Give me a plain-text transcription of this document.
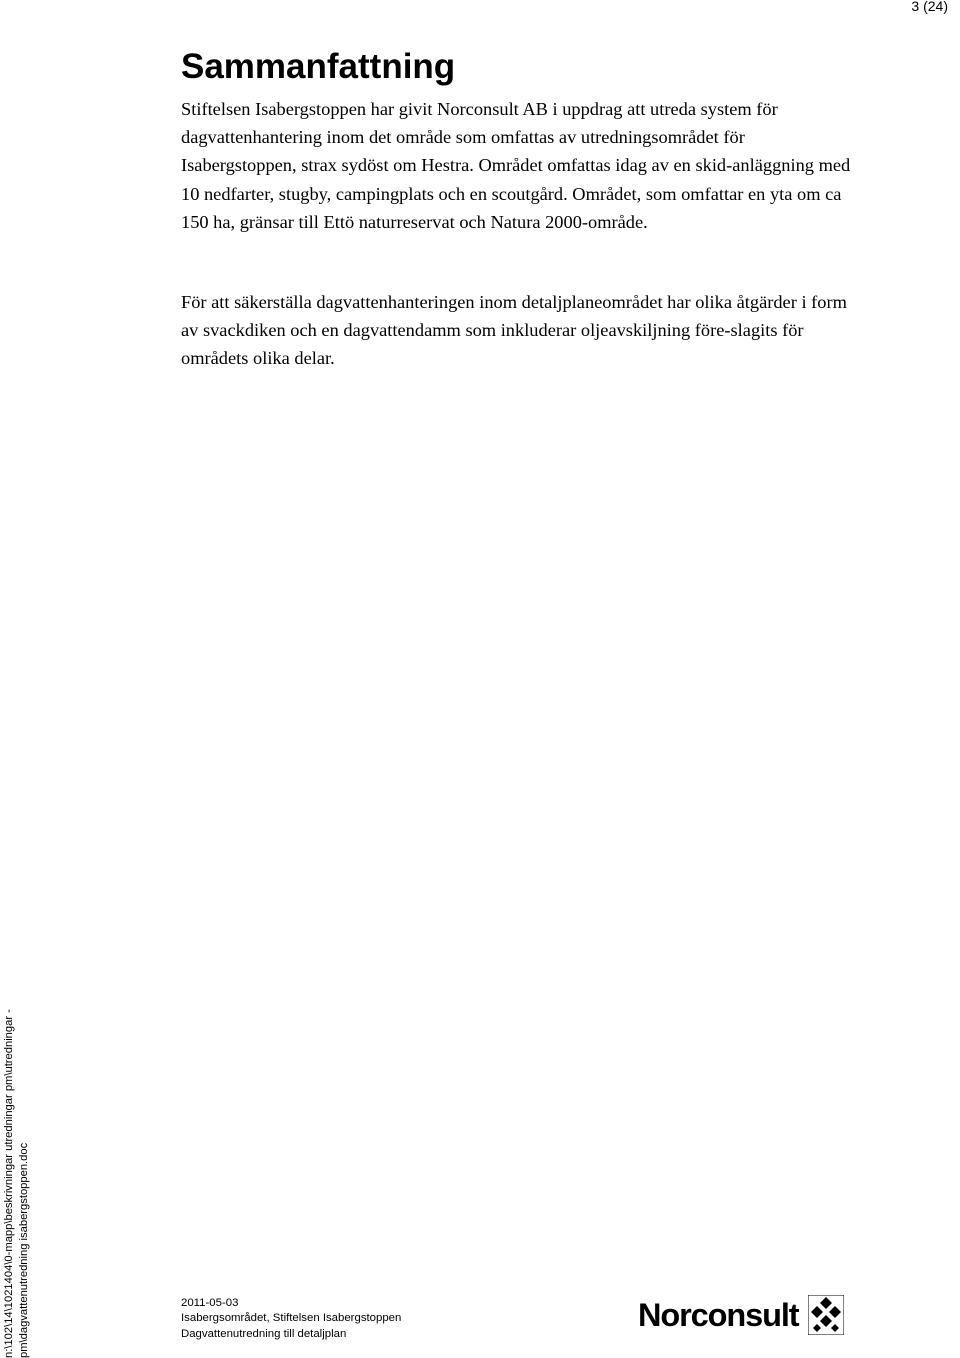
3 (24)
Sammanfattning

Stiftelsen Isabergstoppen har givit Norconsult AB i uppdrag att utreda system för dagvattenhantering inom det område som omfattas av utredningsområdet för Isabergstoppen, strax sydöst om Hestra. Området omfattas idag av en skid-anläggning med 10 nedfarter, stugby, campingplats och en scoutgård. Området, som omfattar en yta om ca 150 ha, gränsar till Ettö naturreservat och Natura 2000-område.

För att säkerställa dagvattenhanteringen inom detaljplaneområdet har olika åtgärder i form av svackdiken och en dagvattendamm som inkluderar oljeavskiljning före-slagits för områdets olika delar.

n:\102\14\1021404\0-mapp\beskrivningar utredningar pm\utredningar - pm\dagvattenutredning isabergstoppen.doc	2011-05-03
Isabergsområdet, Stiftelsen Isabergstoppen
Dagvattenutredning till detaljplan
Norconsult
